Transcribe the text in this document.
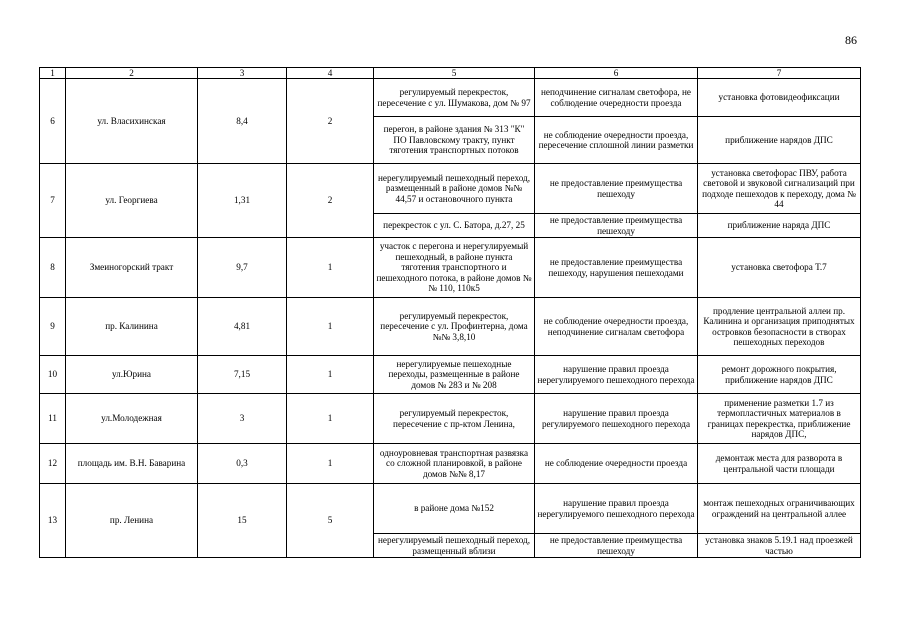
86
1	2	3	4	5	6	7
6	ул. Власихинская	8,4	2	регулируемый перекресток, пересечение с ул. Шумакова, дом № 97	неподчинение сигналам светофора, не соблюдение очередности проезда	установка фотовидеофиксации
				перегон, в районе здания № 313 "К" ПО Павловскому тракту, пункт тяготения транспортных потоков	не соблюдение очередности проезда, пересечение сплошной линии разметки	приближение нарядов ДПС
7	ул. Георгиева	1,31	2	нерегулируемый пешеходный переход, размещенный в районе домов №№ 44,57 и остановочного пункта	не предоставление преимущества пешеходу	установка светофорас ПВУ, работа световой и звуковой сигнализаций при подходе пешеходов к переходу, дома № 44
				перекресток с ул. С. Батора, д.27, 25	не предоставление преимущества пешеходу	приближение наряда ДПС
8	Змеиногорский тракт	9,7	1	участок с перегона и нерегулируемый пешеходный, в районе пункта тяготения транспортного и пешеходного потока, в районе домов №№ 110, 110к5	не предоставление преимущества пешеходу, нарушения пешеходами	установка светофора Т.7
9	пр. Калинина	4,81	1	регулируемый перекресток, пересечение с ул. Профинтерна, дома №№ 3,8,10	не соблюдение очередности проезда, неподчинение сигналам светофора	продление центральной аллеи пр. Калинина и организация приподнятых островков безопасности в створах пешеходных переходов
10	ул.Юрина	7,15	1	нерегулируемые пешеходные переходы, размещенные в районе домов № 283 и № 208	нарушение правил проезда нерегулируемого пешеходного перехода	ремонт дорожного покрытия, приближение нарядов ДПС
11	ул.Молодежная	3	1	регулируемый перекресток, пересечение с пр-ктом Ленина,	нарушение правил проезда регулируемого пешеходного перехода	применение разметки 1.7 из термопластичных материалов в границах перекрестка, приближение нарядов ДПС,
12	площадь им. В.Н. Баварина	0,3	1	одноуровневая транспортная развязка со сложной планировкой, в районе домов №№ 8,17	не соблюдение очередности проезда	демонтаж места для разворота в центральной части площади
13	пр. Ленина	15	5	в районе дома №152	нарушение правил проезда нерегулируемого пешеходного перехода	монтаж пешеходных ограничивающих ограждений на центральной аллее
				нерегулируемый пешеходный переход, размещенный вблизи	не предоставление преимущества пешеходу	установка знаков 5.19.1 над проезжей частью
